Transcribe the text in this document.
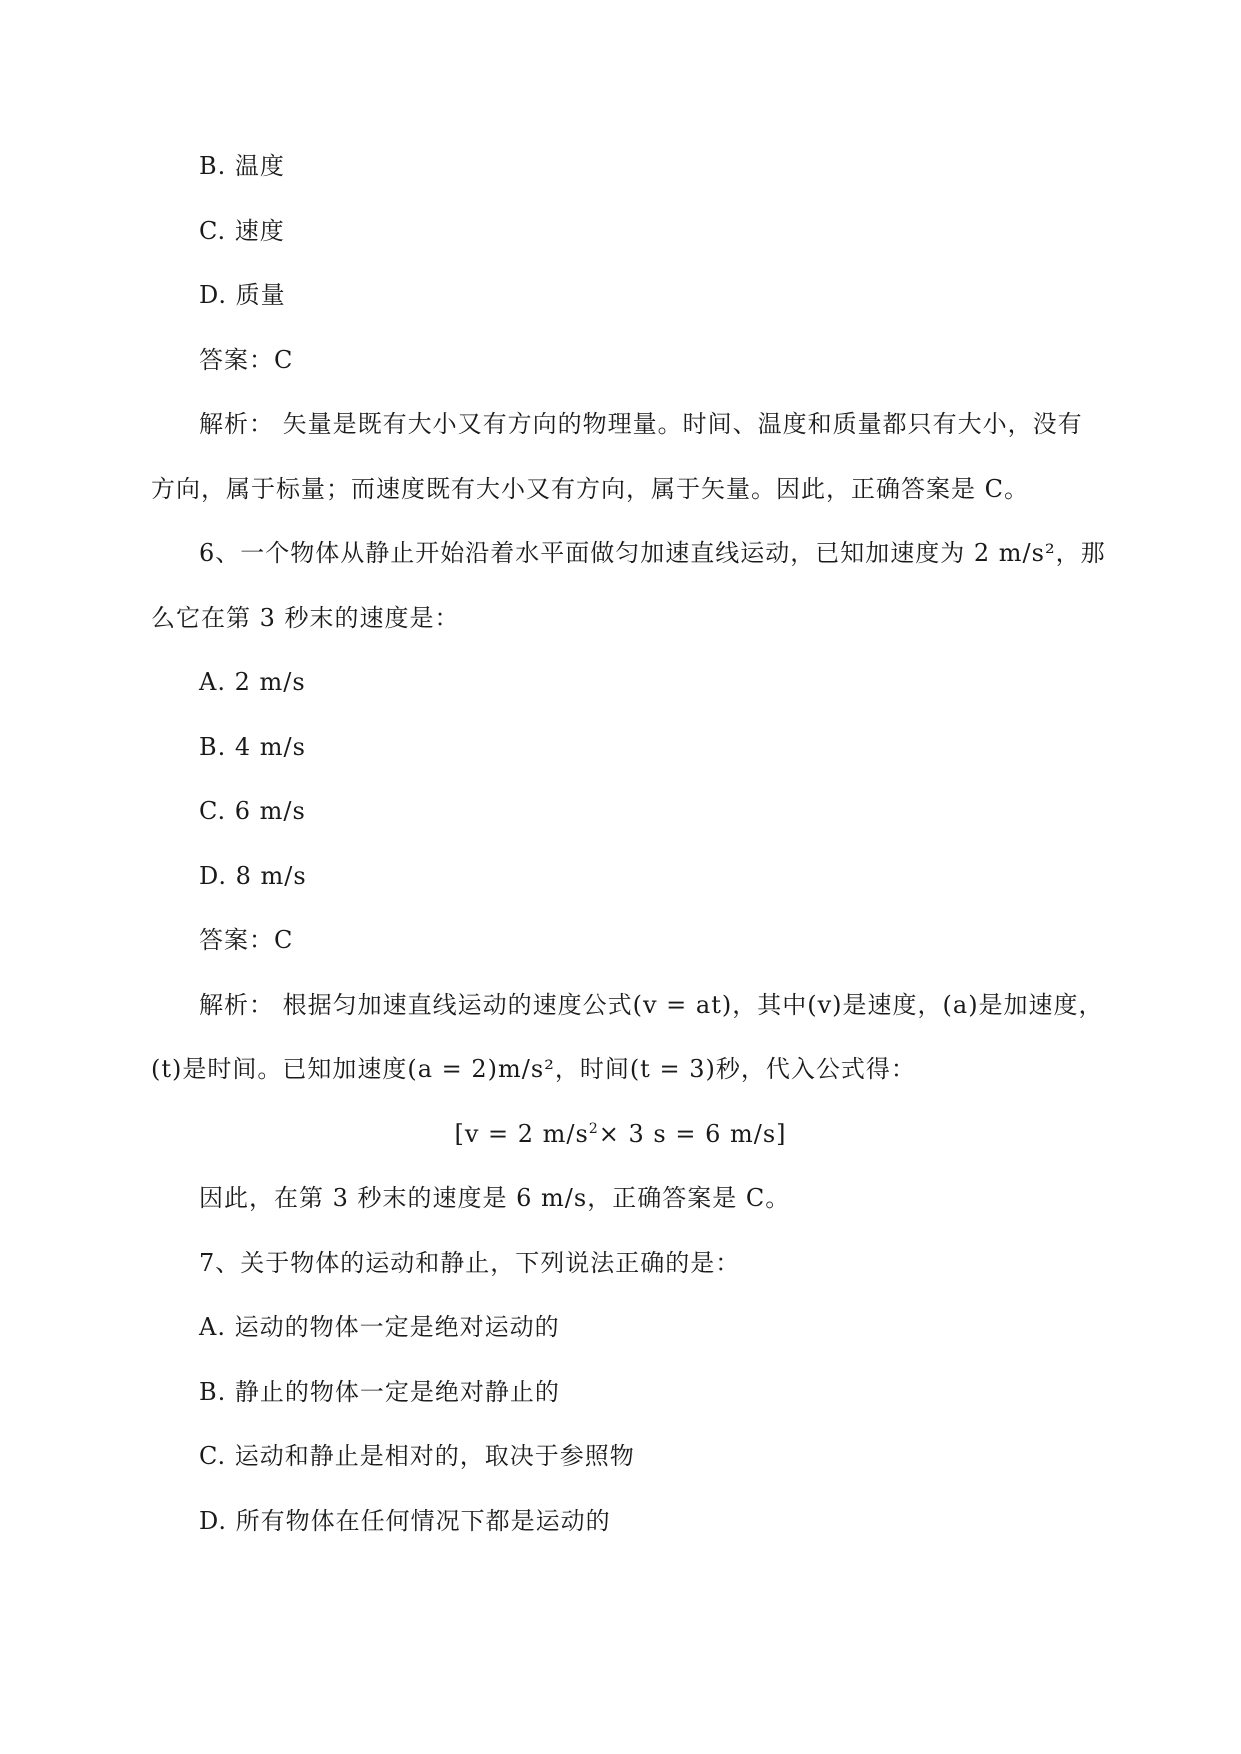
B. 温度
C. 速度
D. 质量
答案：C
解析： 矢量是既有大小又有方向的物理量。时间、温度和质量都只有大小，没有
方向，属于标量；而速度既有大小又有方向，属于矢量。因此，正确答案是 C。
6、一个物体从静止开始沿着水平面做匀加速直线运动，已知加速度为 2 m/s²，那
么它在第 3 秒末的速度是：
A. 2 m/s
B. 4 m/s
C. 6 m/s
D. 8 m/s
答案：C
解析： 根据匀加速直线运动的速度公式(v = at)，其中(v)是速度，(a)是加速度，
(t)是时间。已知加速度(a = 2)m/s²，时间(t = 3)秒，代入公式得：
[v = 2 $m/s^2\times 3$ s = 6 m/s]
因此，在第 3 秒末的速度是 6 m/s，正确答案是 C。
7、关于物体的运动和静止，下列说法正确的是：
A. 运动的物体一定是绝对运动的
B. 静止的物体一定是绝对静止的
C. 运动和静止是相对的，取决于参照物
D. 所有物体在任何情况下都是运动的
